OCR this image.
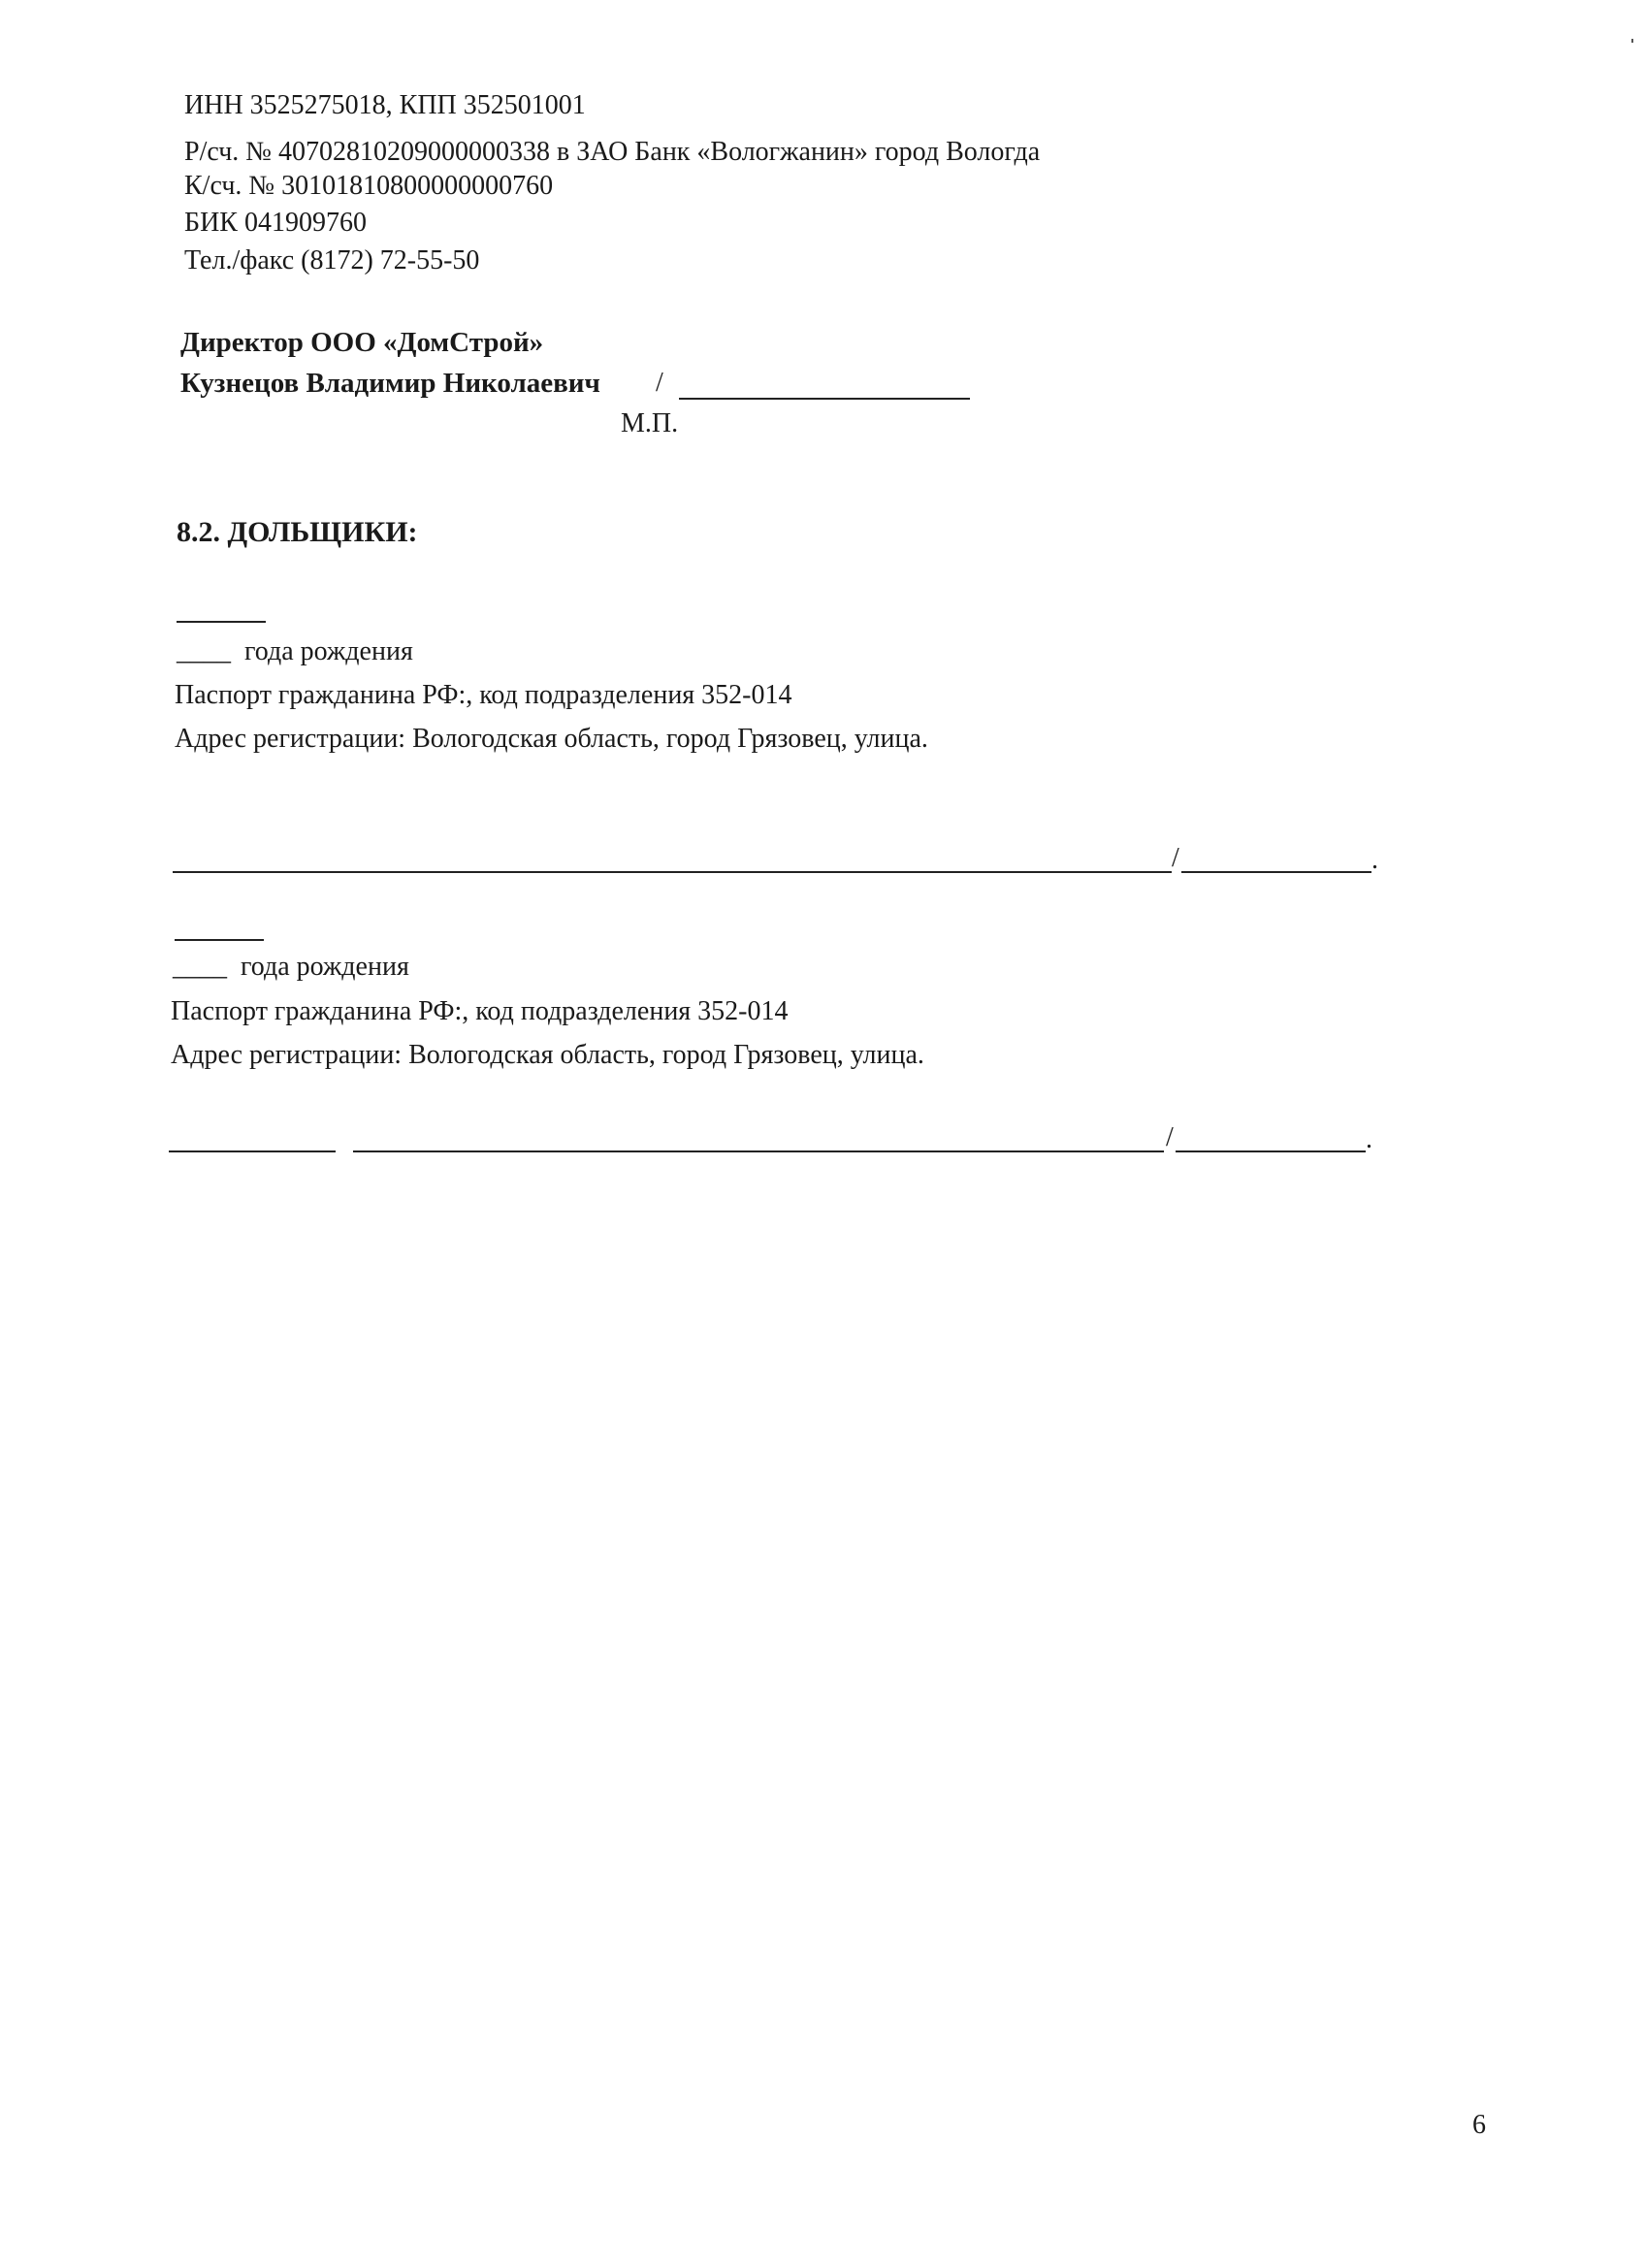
ИНН 3525275018, КПП 352501001
Р/сч. № 40702810209000000338 в ЗАО Банк «Вологжанин» город Вологда
К/сч. № 30101810800000000760
БИК 041909760
Тел./факс (8172) 72-55-50
Директор ООО «ДомСтрой»
Кузнецов Владимир Николаевич /
М.П.
8.2. ДОЛЬЩИКИ:
____ года рождения
Паспорт гражданина РФ:, код подразделения 352-014
Адрес регистрации: Вологодская область, город Грязовец, улица.
/	.
____ года рождения
Паспорт гражданина РФ:, код подразделения 352-014
Адрес регистрации: Вологодская область, город Грязовец, улица.
/	.
6
